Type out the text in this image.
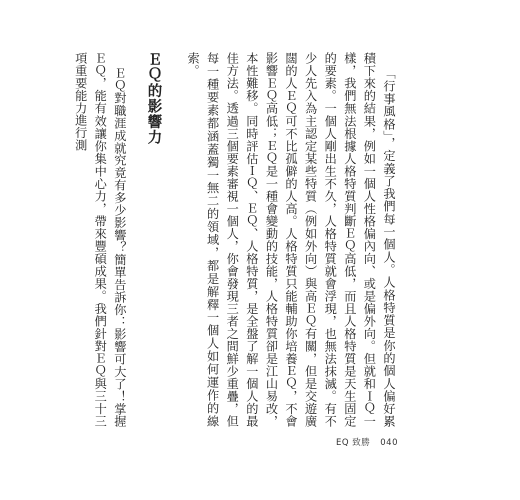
「行事風格」，定義了我們每一個人。人格特質是你的個人偏好累積下來的結果，例如一個人性格偏內向、或是偏外向。但就和ＩＱ一樣，我們無法根據人格特質判斷ＥＱ高低，而且人格特質是天生固定的要素。一個人剛出生不久，人格特質就會浮現，也無法抹滅。有不少人先入為主認定某些特質（例如外向）與高ＥＱ有關，但是交遊廣闊的人ＥＱ可不比孤僻的人高。人格特質只能輔助你培養ＥＱ，不會影響ＥＱ高低；ＥＱ是一種會變動的技能，人格特質卻是江山易改，本性難移。同時評估ＩＱ、ＥＱ、人格特質，是全盤了解一個人的最佳方法。透過三個要素審視一個人，你會發現三者之間鮮少重疊，但每一種要素都涵蓋獨一無二的領域，都是解釋一個人如何運作的線索。

ＥＱ的影響力

ＥＱ對職涯成就究竟有多少影響？簡單告訴你：影響可大了！掌握ＥＱ，能有效讓你集中心力，帶來豐碩成果。我們針對ＥＱ與三十三項重要能力進行測

EQ 致勝 040
